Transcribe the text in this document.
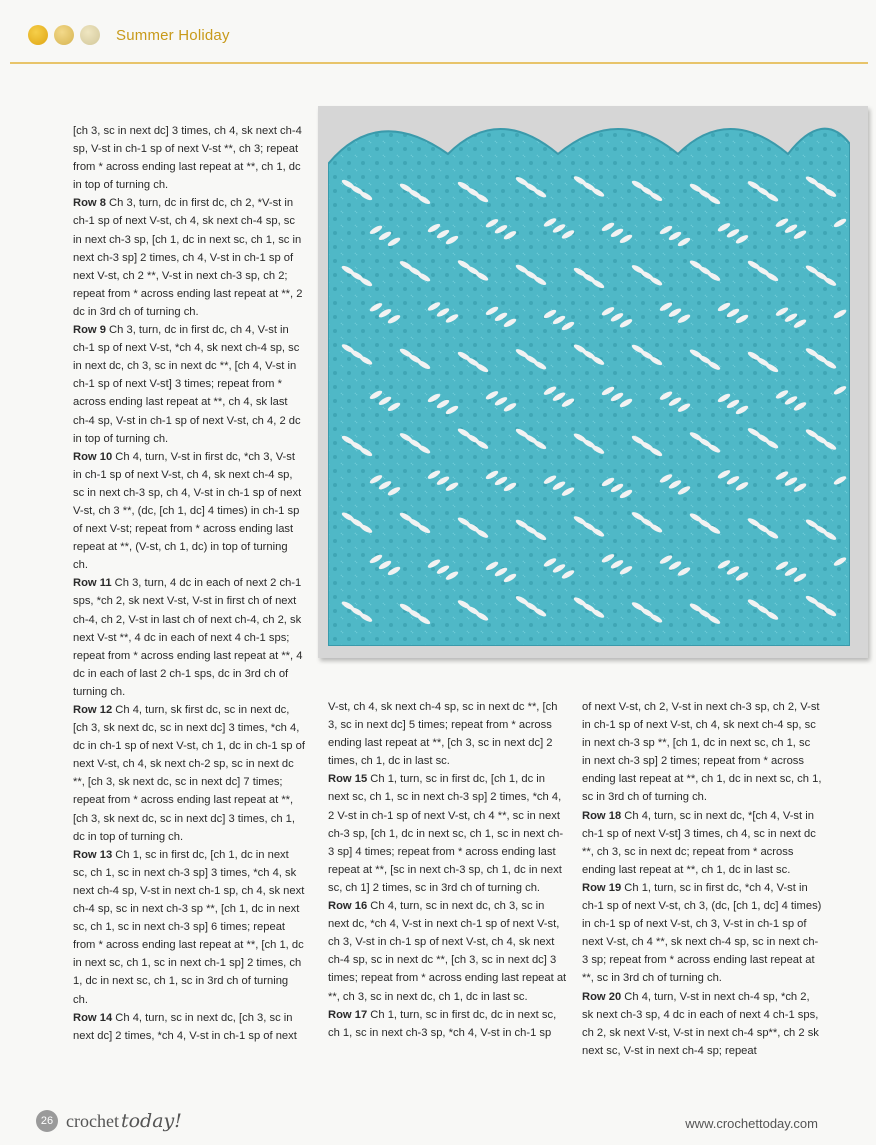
Summer Holiday

[ch 3, sc in next dc] 3 times, ch 4, sk next ch-4 sp, V-st in ch-1 sp of next V-st **, ch 3; repeat from * across ending last repeat at **, ch 1, dc in top of turning ch.

Row 8 Ch 3, turn, dc in first dc, ch 2, *V-st in ch-1 sp of next V-st, ch 4, sk next ch-4 sp, sc in next ch-3 sp, [ch 1, dc in next sc, ch 1, sc in next ch-3 sp] 2 times, ch 4, V-st in ch-1 sp of next V-st, ch 2 **, V-st in next ch-3 sp, ch 2; repeat from * across ending last repeat at **, 2 dc in 3rd ch of turning ch.

Row 9 Ch 3, turn, dc in first dc, ch 4, V-st in ch-1 sp of next V-st, *ch 4, sk next ch-4 sp, sc in next dc, ch 3, sc in next dc **, [ch 4, V-st in ch-1 sp of next V-st] 3 times; repeat from * across ending last repeat at **, ch 4, sk last ch-4 sp, V-st in ch-1 sp of next V-st, ch 4, 2 dc in top of turning ch.

Row 10 Ch 4, turn, V-st in first dc, *ch 3, V-st in ch-1 sp of next V-st, ch 4, sk next ch-4 sp, sc in next ch-3 sp, ch 4, V-st in ch-1 sp of next V-st, ch 3 **, (dc, [ch 1, dc] 4 times) in ch-1 sp of next V-st; repeat from * across ending last repeat at **, (V-st, ch 1, dc) in top of turning ch.

Row 11 Ch 3, turn, 4 dc in each of next 2 ch-1 sps, *ch 2, sk next V-st, V-st in first ch of next ch-4, ch 2, V-st in last ch of next ch-4, ch 2, sk next V-st **, 4 dc in each of next 4 ch-1 sps; repeat from * across ending last repeat at **, 4 dc in each of last 2 ch-1 sps, dc in 3rd ch of turning ch.

Row 12 Ch 4, turn, sk first dc, sc in next dc, [ch 3, sk next dc, sc in next dc] 3 times, *ch 4, dc in ch-1 sp of next V-st, ch 1, dc in ch-1 sp of next V-st, ch 4, sk next ch-2 sp, sc in next dc **, [ch 3, sk next dc, sc in next dc] 7 times; repeat from * across ending last repeat at **, [ch 3, sk next dc, sc in next dc] 3 times, ch 1, dc in top of turning ch.

Row 13 Ch 1, sc in first dc, [ch 1, dc in next sc, ch 1, sc in next ch-3 sp] 3 times, *ch 4, sk next ch-4 sp, V-st in next ch-1 sp, ch 4, sk next ch-4 sp, sc in next ch-3 sp **, [ch 1, dc in next sc, ch 1, sc in next ch-3 sp] 6 times; repeat from * across ending last repeat at **, [ch 1, dc in next sc, ch 1, sc in next ch-1 sp] 2 times, ch 1, dc in next sc, ch 1, sc in 3rd ch of turning ch.

Row 14 Ch 4, turn, sc in next dc, [ch 3, sc in next dc] 2 times, *ch 4, V-st in ch-1 sp of next

V-st, ch 4, sk next ch-4 sp, sc in next dc **, [ch 3, sc in next dc] 5 times; repeat from * across ending last repeat at **, [ch 3, sc in next dc] 2 times, ch 1, dc in last sc.

Row 15 Ch 1, turn, sc in first dc, [ch 1, dc in next sc, ch 1, sc in next ch-3 sp] 2 times, *ch 4, 2 V-st in ch-1 sp of next V-st, ch 4 **, sc in next ch-3 sp, [ch 1, dc in next sc, ch 1, sc in next ch-3 sp] 4 times; repeat from * across ending last repeat at **, [sc in next ch-3 sp, ch 1, dc in next sc, ch 1] 2 times, sc in 3rd ch of turning ch.

Row 16 Ch 4, turn, sc in next dc, ch 3, sc in next dc, *ch 4, V-st in next ch-1 sp of next V-st, ch 3, V-st in ch-1 sp of next V-st, ch 4, sk next ch-4 sp, sc in next dc **, [ch 3, sc in next dc] 3 times; repeat from * across ending last repeat at **, ch 3, sc in next dc, ch 1, dc in last sc.

Row 17 Ch 1, turn, sc in first dc, dc in next sc, ch 1, sc in next ch-3 sp, *ch 4, V-st in ch-1 sp

of next V-st, ch 2, V-st in next ch-3 sp, ch 2, V-st in ch-1 sp of next V-st, ch 4, sk next ch-4 sp, sc in next ch-3 sp **, [ch 1, dc in next sc, ch 1, sc in next ch-3 sp] 2 times; repeat from * across ending last repeat at **, ch 1, dc in next sc, ch 1, sc in 3rd ch of turning ch.

Row 18 Ch 4, turn, sc in next dc, *[ch 4, V-st in ch-1 sp of next V-st] 3 times, ch 4, sc in next dc **, ch 3, sc in next dc; repeat from * across ending last repeat at **, ch 1, dc in last sc.

Row 19 Ch 1, turn, sc in first dc, *ch 4, V-st in ch-1 sp of next V-st, ch 3, (dc, [ch 1, dc] 4 times) in ch-1 sp of next V-st, ch 3, V-st in ch-1 sp of next V-st, ch 4 **, sk next ch-4 sp, sc in next ch-3 sp; repeat from * across ending last repeat at **, sc in 3rd ch of turning ch.

Row 20 Ch 4, turn, V-st in next ch-4 sp, *ch 2, sk next ch-3 sp, 4 dc in each of next 4 ch-1 sps, ch 2, sk next V-st, V-st in next ch-4 sp**, ch 2 sk next sc, V-st in next ch-4 sp; repeat

26 crochet today!	www.crochettoday.com
